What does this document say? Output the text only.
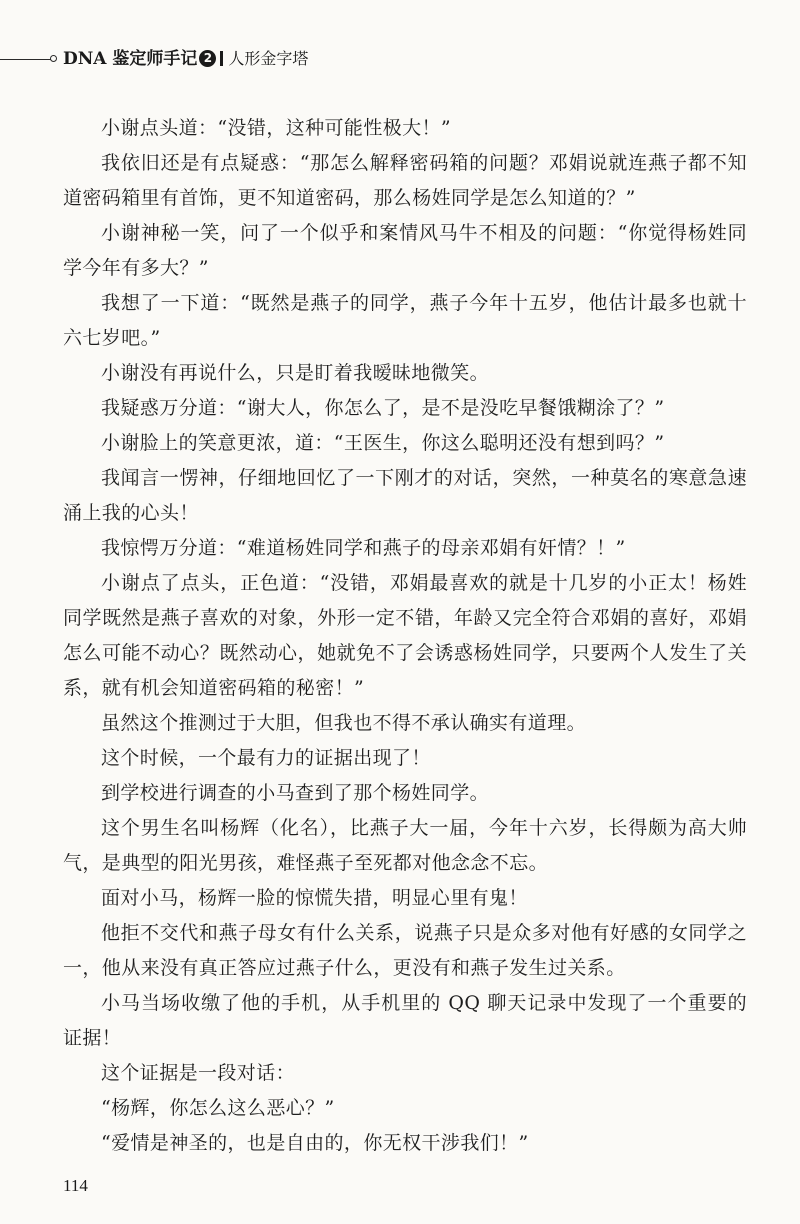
DNA 鉴定师手记 2 人形金字塔

小谢点头道：“没错，这种可能性极大！”

我依旧还是有点疑惑：“那怎么解释密码箱的问题？邓娟说就连燕子都不知道密码箱里有首饰，更不知道密码，那么杨姓同学是怎么知道的？”

小谢神秘一笑，问了一个似乎和案情风马牛不相及的问题：“你觉得杨姓同学今年有多大？”

我想了一下道：“既然是燕子的同学，燕子今年十五岁，他估计最多也就十六七岁吧。”

小谢没有再说什么，只是盯着我暧昧地微笑。

我疑惑万分道：“谢大人，你怎么了，是不是没吃早餐饿糊涂了？”

小谢脸上的笑意更浓，道：“王医生，你这么聪明还没有想到吗？”

我闻言一愣神，仔细地回忆了一下刚才的对话，突然，一种莫名的寒意急速涌上我的心头！

我惊愕万分道：“难道杨姓同学和燕子的母亲邓娟有奸情？！”

小谢点了点头，正色道：“没错，邓娟最喜欢的就是十几岁的小正太！杨姓同学既然是燕子喜欢的对象，外形一定不错，年龄又完全符合邓娟的喜好，邓娟怎么可能不动心？既然动心，她就免不了会诱惑杨姓同学，只要两个人发生了关系，就有机会知道密码箱的秘密！”

虽然这个推测过于大胆，但我也不得不承认确实有道理。

这个时候，一个最有力的证据出现了！

到学校进行调查的小马查到了那个杨姓同学。

这个男生名叫杨辉（化名），比燕子大一届，今年十六岁，长得颇为高大帅气，是典型的阳光男孩，难怪燕子至死都对他念念不忘。

面对小马，杨辉一脸的惊慌失措，明显心里有鬼！

他拒不交代和燕子母女有什么关系，说燕子只是众多对他有好感的女同学之一，他从来没有真正答应过燕子什么，更没有和燕子发生过关系。

小马当场收缴了他的手机，从手机里的 QQ 聊天记录中发现了一个重要的证据！

这个证据是一段对话：

“杨辉，你怎么这么恶心？”

“爱情是神圣的，也是自由的，你无权干涉我们！”

114
